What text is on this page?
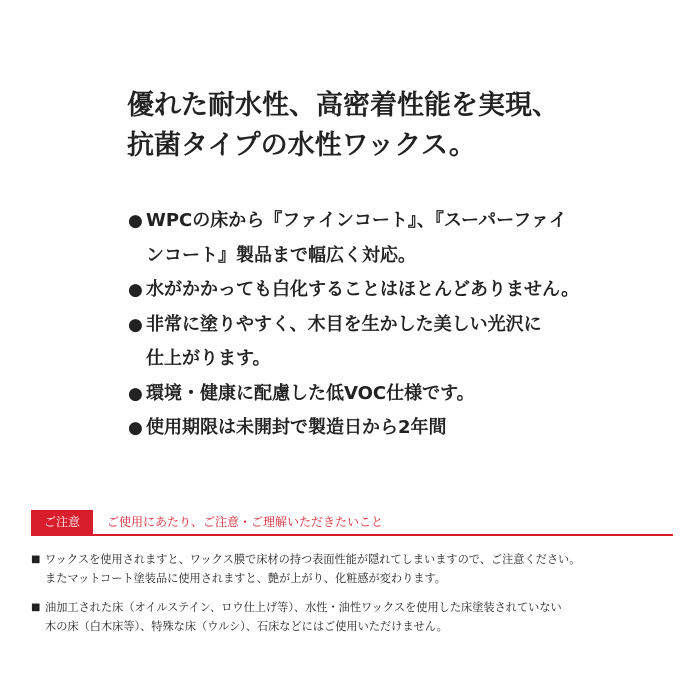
優れた耐水性、高密着性能を実現、
抗菌タイプの水性ワックス。
● WPCの床から『ファインコート』、『スーパーファイ
ンコート』製品まで幅広く対応。
● 水がかかっても白化することはほとんどありません。
● 非常に塗りやすく、木目を生かした美しい光沢に
仕上がります。
● 環境・健康に配慮した低VOC仕様です。
● 使用期限は未開封で製造日から2年間
ご注意	ご使用にあたり、ご注意・ご理解いただきたいこと
■ ワックスを使用されますと、ワックス膜で床材の持つ表面性能が隠れてしまいますので、ご注意ください。
またマットコート塗装品に使用されますと、艶が上がり、化粧感が変わります。
■ 油加工された床（オイルステイン、ロウ仕上げ等）、水性・油性ワックスを使用した床塗装されていない
木の床（白木床等）、特殊な床（ウルシ）、石床などにはご使用いただけません。
